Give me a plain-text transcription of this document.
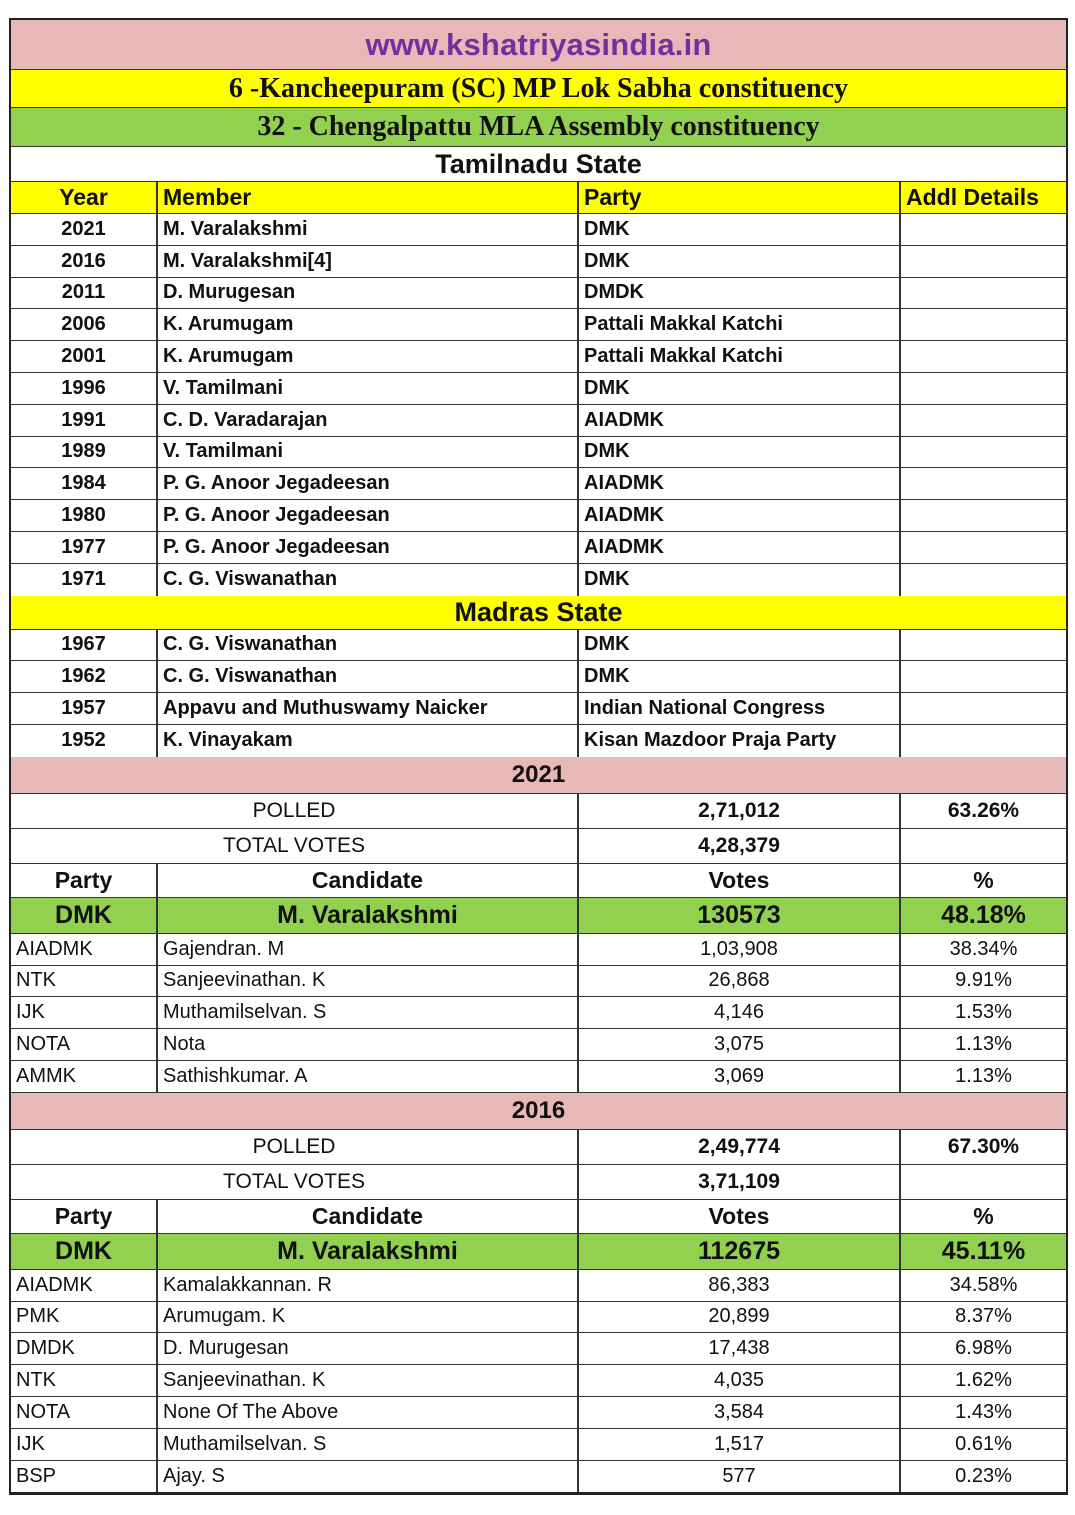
www.kshatriyasindia.in
6 -Kancheepuram (SC) MP Lok Sabha constituency
32 - Chengalpattu MLA Assembly constituency
Tamilnadu State
Year	Member	Party	Addl Details
2021	M. Varalakshmi	DMK
2016	M. Varalakshmi[4]	DMK
2011	D. Murugesan	DMDK
2006	K. Arumugam	Pattali Makkal Katchi
2001	K. Arumugam	Pattali Makkal Katchi
1996	V. Tamilmani	DMK
1991	C. D. Varadarajan	AIADMK
1989	V. Tamilmani	DMK
1984	P. G. Anoor Jegadeesan	AIADMK
1980	P. G. Anoor Jegadeesan	AIADMK
1977	P. G. Anoor Jegadeesan	AIADMK
1971	C. G. Viswanathan	DMK
Madras State
1967	C. G. Viswanathan	DMK
1962	C. G. Viswanathan	DMK
1957	Appavu and Muthuswamy Naicker	Indian National Congress
1952	K. Vinayakam	Kisan Mazdoor Praja Party
2021
POLLED	2,71,012	63.26%
TOTAL VOTES	4,28,379
Party	Candidate	Votes	%
DMK	M. Varalakshmi	130573	48.18%
AIADMK	Gajendran. M	1,03,908	38.34%
NTK	Sanjeevinathan. K	26,868	9.91%
IJK	Muthamilselvan. S	4,146	1.53%
NOTA	Nota	3,075	1.13%
AMMK	Sathishkumar. A	3,069	1.13%
2016
POLLED	2,49,774	67.30%
TOTAL VOTES	3,71,109
Party	Candidate	Votes	%
DMK	M. Varalakshmi	112675	45.11%
AIADMK	Kamalakkannan. R	86,383	34.58%
PMK	Arumugam. K	20,899	8.37%
DMDK	D. Murugesan	17,438	6.98%
NTK	Sanjeevinathan. K	4,035	1.62%
NOTA	None Of The Above	3,584	1.43%
IJK	Muthamilselvan. S	1,517	0.61%
BSP	Ajay. S	577	0.23%
